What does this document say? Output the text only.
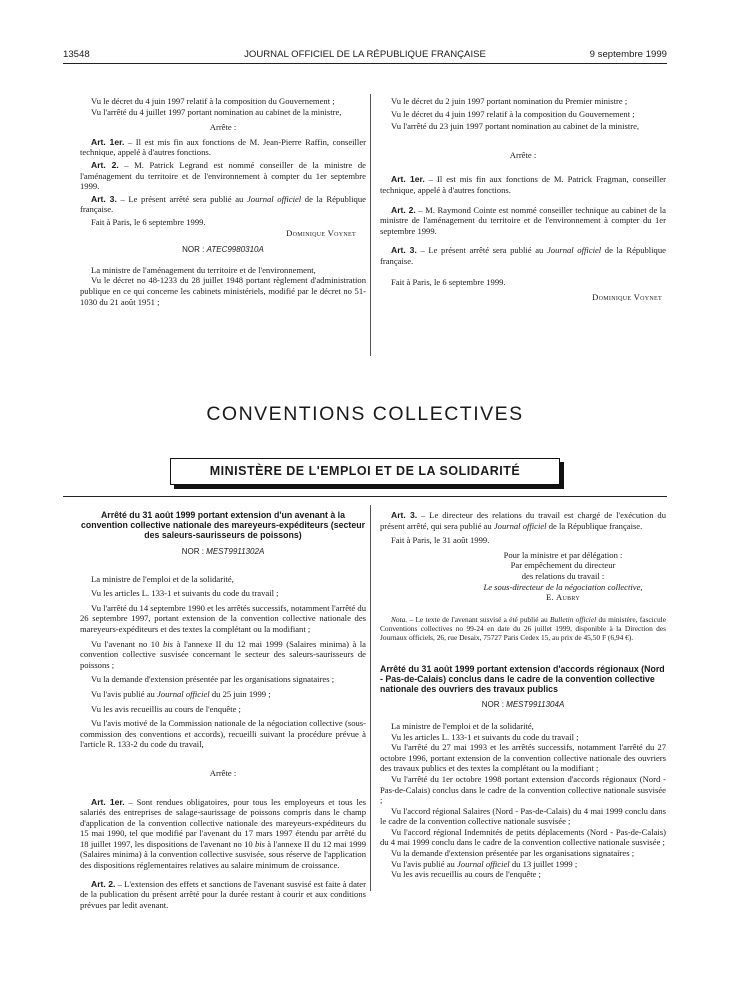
13548	JOURNAL OFFICIEL DE LA RÉPUBLIQUE FRANÇAISE	9 septembre 1999

Vu le décret du 4 juin 1997 relatif à la composition du Gouvernement ;

Vu l'arrêté du 4 juillet 1997 portant nomination au cabinet de la ministre,

Arrête :

Art. 1er. – Il est mis fin aux fonctions de M. Jean-Pierre Raffin, conseiller technique, appelé à d'autres fonctions.

Art. 2. – M. Patrick Legrand est nommé conseiller de la ministre de l'aménagement du territoire et de l'environnement à compter du 1er septembre 1999.

Art. 3. – Le présent arrêté sera publié au Journal officiel de la République française.

Fait à Paris, le 6 septembre 1999.

Dominique Voynet

NOR : ATEC9980310A

La ministre de l'aménagement du territoire et de l'environnement,

Vu le décret no 48-1233 du 28 juillet 1948 portant règlement d'administration publique en ce qui concerne les cabinets ministériels, modifié par le décret no 51-1030 du 21 août 1951 ;

Vu le décret du 2 juin 1997 portant nomination du Premier ministre ;

Vu le décret du 4 juin 1997 relatif à la composition du Gouvernement ;

Vu l'arrêté du 23 juin 1997 portant nomination au cabinet de la ministre,

Arrête :

Art. 1er. – Il est mis fin aux fonctions de M. Patrick Fragman, conseiller technique, appelé à d'autres fonctions.

Art. 2. – M. Raymond Cointe est nommé conseiller technique au cabinet de la ministre de l'aménagement du territoire et de l'environnement à compter du 1er septembre 1999.

Art. 3. – Le présent arrêté sera publié au Journal officiel de la République française.

Fait à Paris, le 6 septembre 1999.

Dominique Voynet

CONVENTIONS COLLECTIVES
MINISTÈRE DE L'EMPLOI ET DE LA SOLIDARITÉ

Arrêté du 31 août 1999 portant extension d'un avenant à la convention collective nationale des mareyeurs-expéditeurs (secteur des saleurs-saurisseurs de poissons)

NOR : MEST9911302A

La ministre de l'emploi et de la solidarité,

Vu les articles L. 133-1 et suivants du code du travail ;

Vu l'arrêté du 14 septembre 1990 et les arrêtés successifs, notamment l'arrêté du 26 septembre 1997, portant extension de la convention collective nationale des mareyeurs-expéditeurs et des textes la complétant ou la modifiant ;

Vu l'avenant no 10 bis à l'annexe II du 12 mai 1999 (Salaires minima) à la convention collective susvisée concernant le secteur des saleurs-saurisseurs de poissons ;

Vu la demande d'extension présentée par les organisations signataires ;

Vu l'avis publié au Journal officiel du 25 juin 1999 ;

Vu les avis recueillis au cours de l'enquête ;

Vu l'avis motivé de la Commission nationale de la négociation collective (sous-commission des conventions et accords), recueilli suivant la procédure prévue à l'article R. 133-2 du code du travail,

Arrête :

Art. 1er. – Sont rendues obligatoires, pour tous les employeurs et tous les salariés des entreprises de salage-saurissage de poissons compris dans le champ d'application de la convention collective nationale des mareyeurs-expéditeurs du 15 mai 1990, tel que modifié par l'avenant du 17 mars 1997 étendu par arrêté du 18 juillet 1997, les dispositions de l'avenant no 10 bis à l'annexe II du 12 mai 1999 (Salaires minima) à la convention collective susvisée, sous réserve de l'application des dispositions réglementaires relatives au salaire minimum de croissance.

Art. 2. – L'extension des effets et sanctions de l'avenant susvisé est faite à dater de la publication du présent arrêté pour la durée restant à courir et aux conditions prévues par ledit avenant.

Art. 3. – Le directeur des relations du travail est chargé de l'exécution du présent arrêté, qui sera publié au Journal officiel de la République française.

Fait à Paris, le 31 août 1999.

Pour la ministre et par délégation :

Par empêchement du directeur

des relations du travail :

Le sous-directeur de la négociation collective,

E. Aubry

Nota. – Le texte de l'avenant susvisé a été publié au Bulletin officiel du ministère, fascicule Conventions collectives no 99-24 en date du 26 juillet 1999, disponible à la Direction des Journaux officiels, 26, rue Desaix, 75727 Paris Cedex 15, au prix de 45,50 F (6,94 €).

Arrêté du 31 août 1999 portant extension d'accords régionaux (Nord - Pas-de-Calais) conclus dans le cadre de la convention collective nationale des ouvriers des travaux publics

NOR : MEST9911304A

La ministre de l'emploi et de la solidarité,

Vu les articles L. 133-1 et suivants du code du travail ;

Vu l'arrêté du 27 mai 1993 et les arrêtés successifs, notamment l'arrêté du 27 octobre 1996, portant extension de la convention collective nationale des ouvriers des travaux publics et des textes la complétant ou la modifiant ;

Vu l'arrêté du 1er octobre 1998 portant extension d'accords régionaux (Nord - Pas-de-Calais) conclus dans le cadre de la convention collective nationale susvisée ;

Vu l'accord régional Salaires (Nord - Pas-de-Calais) du 4 mai 1999 conclu dans le cadre de la convention collective nationale susvisée ;

Vu l'accord régional Indemnités de petits déplacements (Nord - Pas-de-Calais) du 4 mai 1999 conclu dans le cadre de la convention collective nationale susvisée ;

Vu la demande d'extension présentée par les organisations signataires ;

Vu l'avis publié au Journal officiel du 13 juillet 1999 ;

Vu les avis recueillis au cours de l'enquête ;
